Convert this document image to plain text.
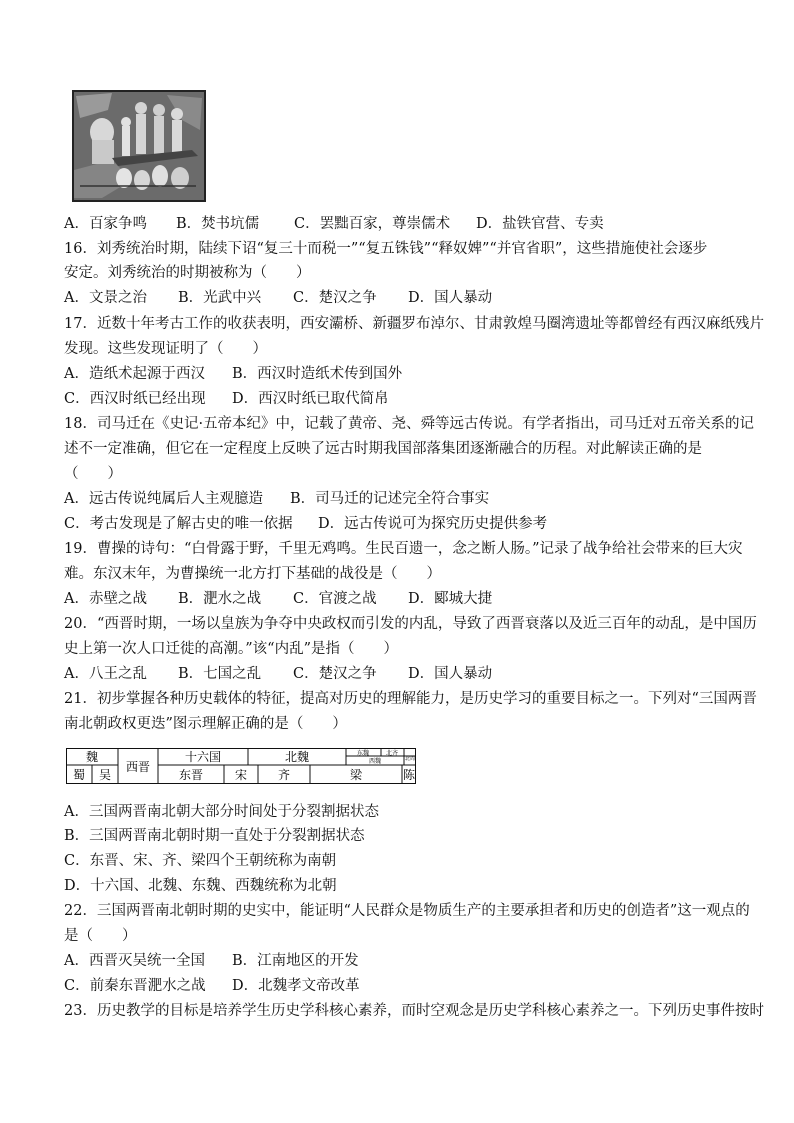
A．百家争鸣 B．焚书坑儒 C．罢黜百家，尊崇儒术 D．盐铁官营、专卖
16．刘秀统治时期，陆续下诏“复三十而税一”“复五铢钱”“释奴婢”“并官省职”，这些措施使社会逐步
安定。刘秀统治的时期被称为（　　）
A．文景之治 B．光武中兴 C．楚汉之争 D．国人暴动
17．近数十年考古工作的收获表明，西安灞桥、新疆罗布淖尔、甘肃敦煌马圈湾遗址等都曾经有西汉麻纸残片
发现。这些发现证明了（　　）
A．造纸术起源于西汉 B．西汉时造纸术传到国外
C．西汉时纸已经出现 D．西汉时纸已取代简帛
18．司马迁在《史记·五帝本纪》中，记载了黄帝、尧、舜等远古传说。有学者指出，司马迁对五帝关系的记
述不一定准确，但它在一定程度上反映了远古时期我国部落集团逐渐融合的历程。对此解读正确的是
（　　）
A．远古传说纯属后人主观臆造 B．司马迁的记述完全符合事实
C．考古发现是了解古史的唯一依据 D．远古传说可为探究历史提供参考
19．曹操的诗句：“白骨露于野，千里无鸡鸣。生民百遗一，念之断人肠。”记录了战争给社会带来的巨大灾
难。东汉末年，为曹操统一北方打下基础的战役是（　　）
A．赤壁之战 B．淝水之战 C．官渡之战 D．郾城大捷
20．“西晋时期，一场以皇族为争夺中央政权而引发的内乱，导致了西晋衰落以及近三百年的动乱，是中国历
史上第一次人口迁徙的高潮。”该“内乱”是指（　　）
A．八王之乱 B．七国之乱 C．楚汉之争 D．国人暴动
21．初步掌握各种历史载体的特征，提高对历史的理解能力，是历史学习的重要目标之一。下列对“三国两晋
南北朝政权更迭”图示理解正确的是（　　）
魏
蜀 吴
西晋
十六国	北魏	东魏	北齐
西魏	北周
东晋	宋	齐	梁	陈
A．三国两晋南北朝大部分时间处于分裂割据状态
B．三国两晋南北朝时期一直处于分裂割据状态
C．东晋、宋、齐、梁四个王朝统称为南朝
D．十六国、北魏、东魏、西魏统称为北朝
22．三国两晋南北朝时期的史实中，能证明“人民群众是物质生产的主要承担者和历史的创造者”这一观点的
是（　　）
A．西晋灭吴统一全国 B．江南地区的开发
C．前秦东晋淝水之战 D．北魏孝文帝改革
23．历史教学的目标是培养学生历史学科核心素养，而时空观念是历史学科核心素养之一。下列历史事件按时
